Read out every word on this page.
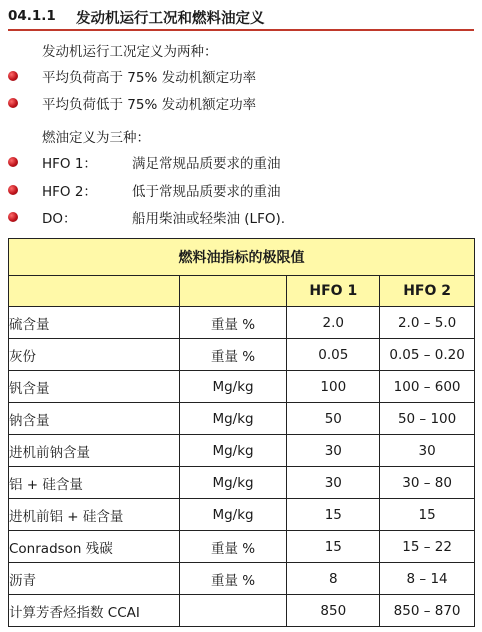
04.1.1 发动机运行工况和燃料油定义
发动机运行工况定义为两种：
平均负荷高于 75% 发动机额定功率
平均负荷低于 75% 发动机额定功率
燃油定义为三种：
HFO 1：	满足常规品质要求的重油
HFO 2：	低于常规品质要求的重油
DO：	船用柴油或轻柴油 (LFO).
燃料油指标的极限值			
		HFO 1	HFO 2
硫含量	重量 %	2.0	2.0 – 5.0
灰份	重量 %	0.05	0.05 – 0.20
钒含量	Mg/kg	100	100 – 600
钠含量	Mg/kg	50	50 – 100
进机前钠含量	Mg/kg	30	30
铝 + 硅含量	Mg/kg	30	30 – 80
进机前铝 + 硅含量	Mg/kg	15	15
Conradson 残碳	重量 %	15	15 – 22
沥青	重量 %	8	8 – 14
计算芳香烃指数 CCAI		850	850 – 870
